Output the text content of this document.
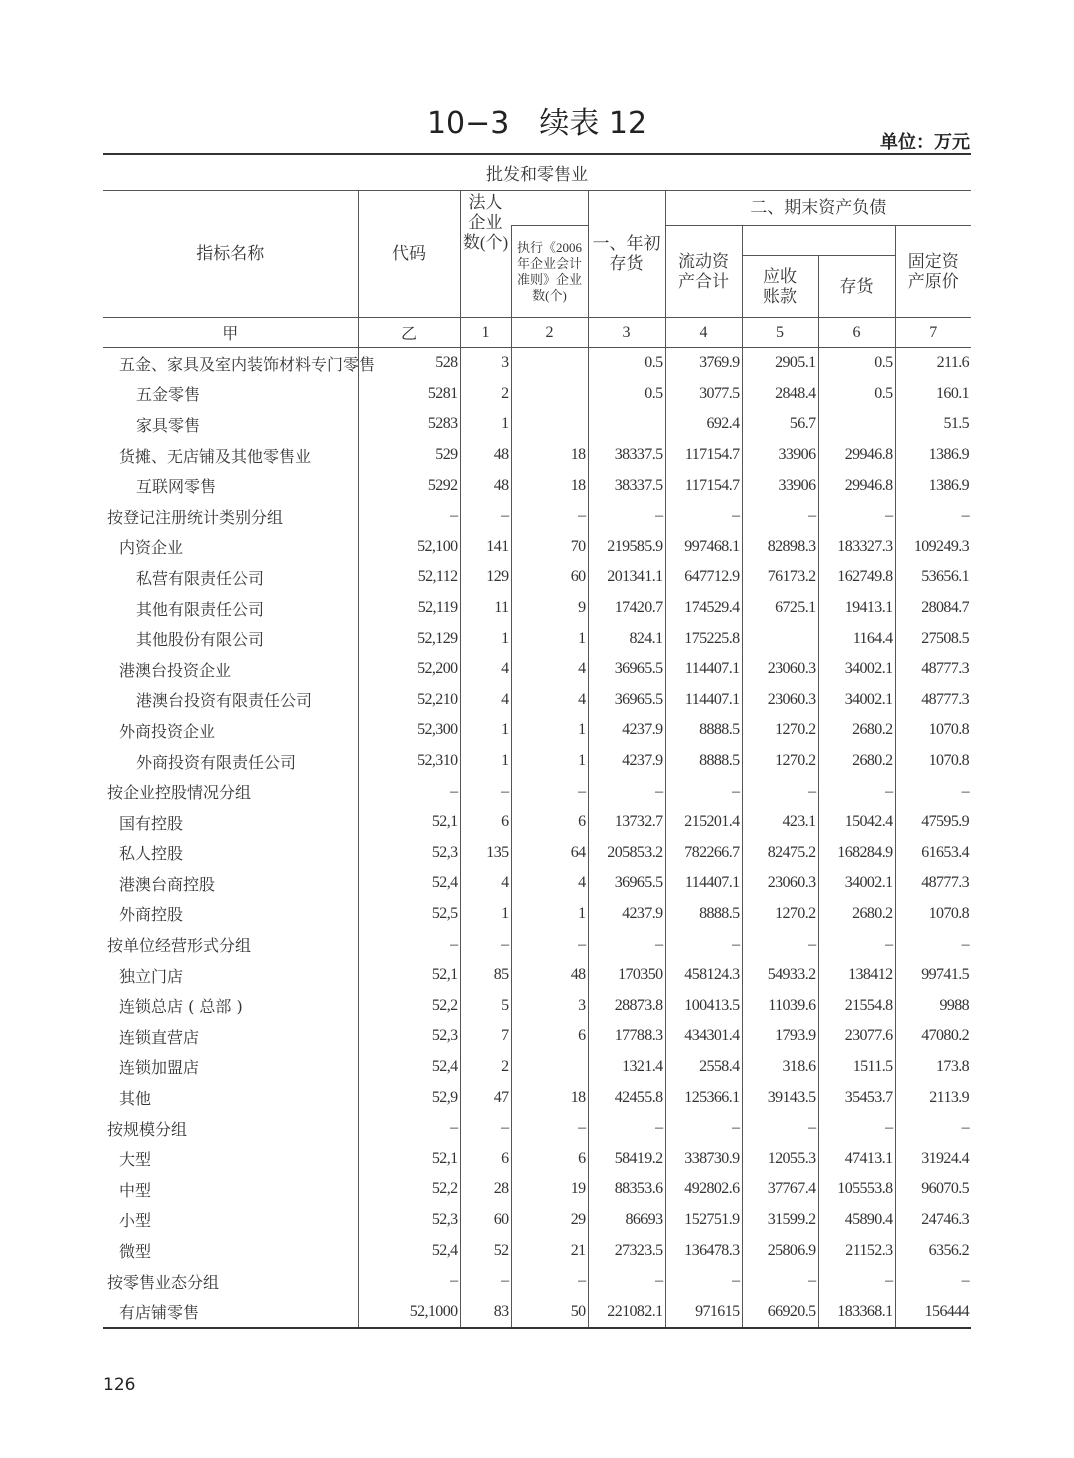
10−3　续表 12
单位：万元
批发和零售业								
指标名称	代码	法人企业数(个)		一、年初存货	二、期末资产负债			
			执行《2006年企业会计准则》企业数(个)		流动资产合计			固定资产原价
						应收账款	存货	
甲	乙	1	2	3	4	5	6	7
五金、家具及室内装饰材料专门零售	528	3		0.5	3769.9	2905.1	0.5	211.6
五金零售	5281	2		0.5	3077.5	2848.4	0.5	160.1
家具零售	5283	1			692.4	56.7		51.5
货摊、无店铺及其他零售业	529	48	18	38337.5	117154.7	33906	29946.8	1386.9
互联网零售	5292	48	18	38337.5	117154.7	33906	29946.8	1386.9
按登记注册统计类别分组	–	–	–	–	–	–	–	–
内资企业	52,100	141	70	219585.9	997468.1	82898.3	183327.3	109249.3
私营有限责任公司	52,112	129	60	201341.1	647712.9	76173.2	162749.8	53656.1
其他有限责任公司	52,119	11	9	17420.7	174529.4	6725.1	19413.1	28084.7
其他股份有限公司	52,129	1	1	824.1	175225.8		1164.4	27508.5
港澳台投资企业	52,200	4	4	36965.5	114407.1	23060.3	34002.1	48777.3
港澳台投资有限责任公司	52,210	4	4	36965.5	114407.1	23060.3	34002.1	48777.3
外商投资企业	52,300	1	1	4237.9	8888.5	1270.2	2680.2	1070.8
外商投资有限责任公司	52,310	1	1	4237.9	8888.5	1270.2	2680.2	1070.8
按企业控股情况分组	–	–	–	–	–	–	–	–
国有控股	52,1	6	6	13732.7	215201.4	423.1	15042.4	47595.9
私人控股	52,3	135	64	205853.2	782266.7	82475.2	168284.9	61653.4
港澳台商控股	52,4	4	4	36965.5	114407.1	23060.3	34002.1	48777.3
外商控股	52,5	1	1	4237.9	8888.5	1270.2	2680.2	1070.8
按单位经营形式分组	–	–	–	–	–	–	–	–
独立门店	52,1	85	48	170350	458124.3	54933.2	138412	99741.5
连锁总店 ( 总部 )	52,2	5	3	28873.8	100413.5	11039.6	21554.8	9988
连锁直营店	52,3	7	6	17788.3	434301.4	1793.9	23077.6	47080.2
连锁加盟店	52,4	2		1321.4	2558.4	318.6	1511.5	173.8
其他	52,9	47	18	42455.8	125366.1	39143.5	35453.7	2113.9
按规模分组	–	–	–	–	–	–	–	–
大型	52,1	6	6	58419.2	338730.9	12055.3	47413.1	31924.4
中型	52,2	28	19	88353.6	492802.6	37767.4	105553.8	96070.5
小型	52,3	60	29	86693	152751.9	31599.2	45890.4	24746.3
微型	52,4	52	21	27323.5	136478.3	25806.9	21152.3	6356.2
按零售业态分组	–	–	–	–	–	–	–	–
有店铺零售	52,1000	83	50	221082.1	971615	66920.5	183368.1	156444
126
